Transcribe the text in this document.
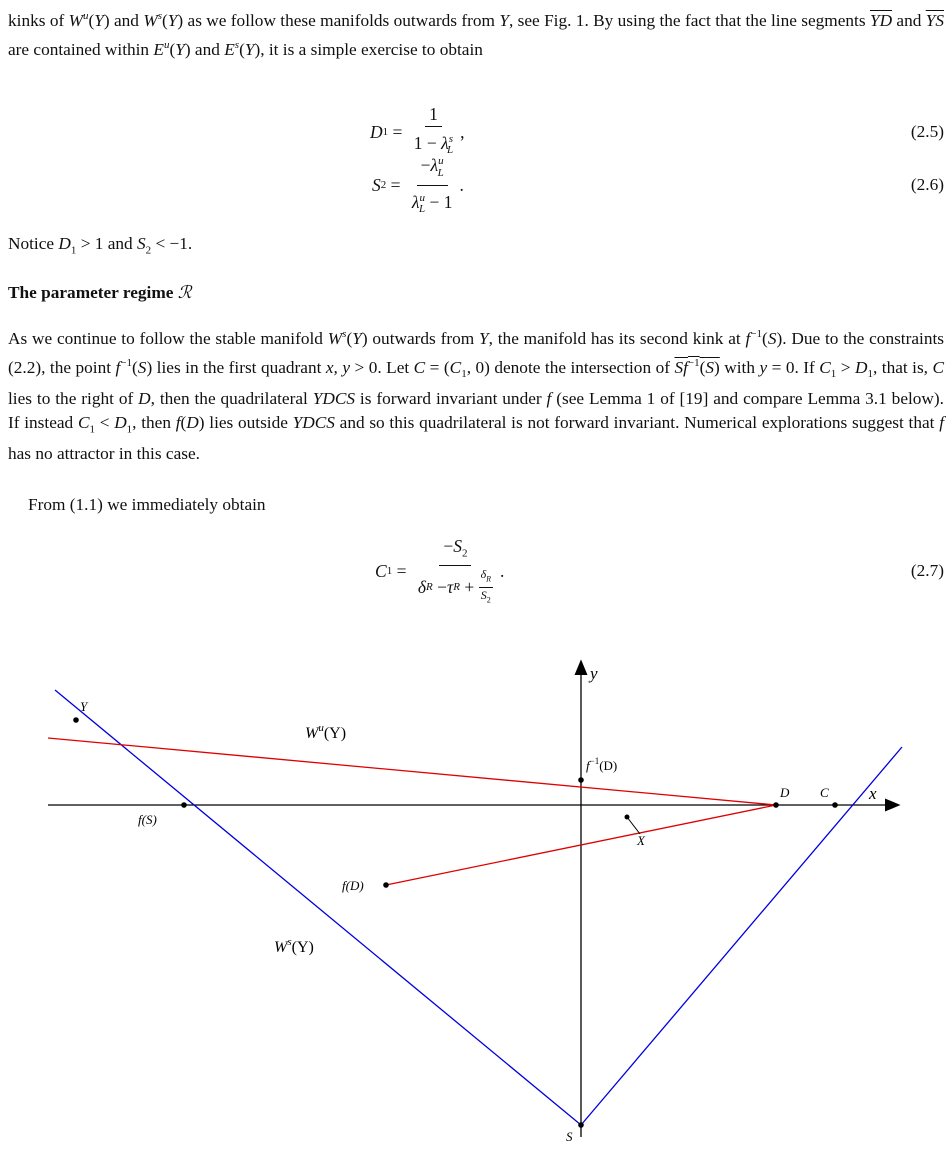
kinks of $W^u(Y)$ and $W^s(Y)$ as we follow these manifolds outwards from Y, see Fig. 1. By using the fact that the line segments $\overline{YD}$ and $\overline{YS}$ are contained within $E^u(Y)$ and $E^s(Y)$, it is a simple exercise to obtain
D $1 = \frac{1}{1 - \lambda^s_L}$ ,	(2.5)
S $2 = \frac{-\lambda^u_L}{\lambda^u_L - 1}$ .	(2.6)
Notice $D_1 > 1$ and $S_2 < -1$.
The parameter regime ℛ
As we continue to follow the stable manifold $W^s(Y)$ outwards from Y, the manifold has its second kink at $f^{-1}(S)$. Due to the constraints (2.2), the point $f^{-1}(S)$ lies in the first quadrant x, y > 0. Let $C = (C_1$, 0) denote the intersection of $Sf^{-1}(S)$ with y = 0. If $C_1 > D_1$, that is, C lies to the right of D, then the quadrilateral YDCS is forward invariant under f (see Lemma 1 of [19] and compare Lemma 3.1 below). If instead $C_1 < D_1$, then f(D) lies outside YDCS and so this quadrilateral is not forward invariant. Numerical explorations suggest that f has no attractor in this case.
From (1.1) we immediately obtain
C $1 = \frac{-S_2}{\delta R - \tau R + \frac{\delta_R}{S_2}}$ .	(2.7)
Y
f(S)
$W^u(Y)$
$f^{-1}(D)$
D C x
y
f(D)
X
$W^s(Y)$
S
